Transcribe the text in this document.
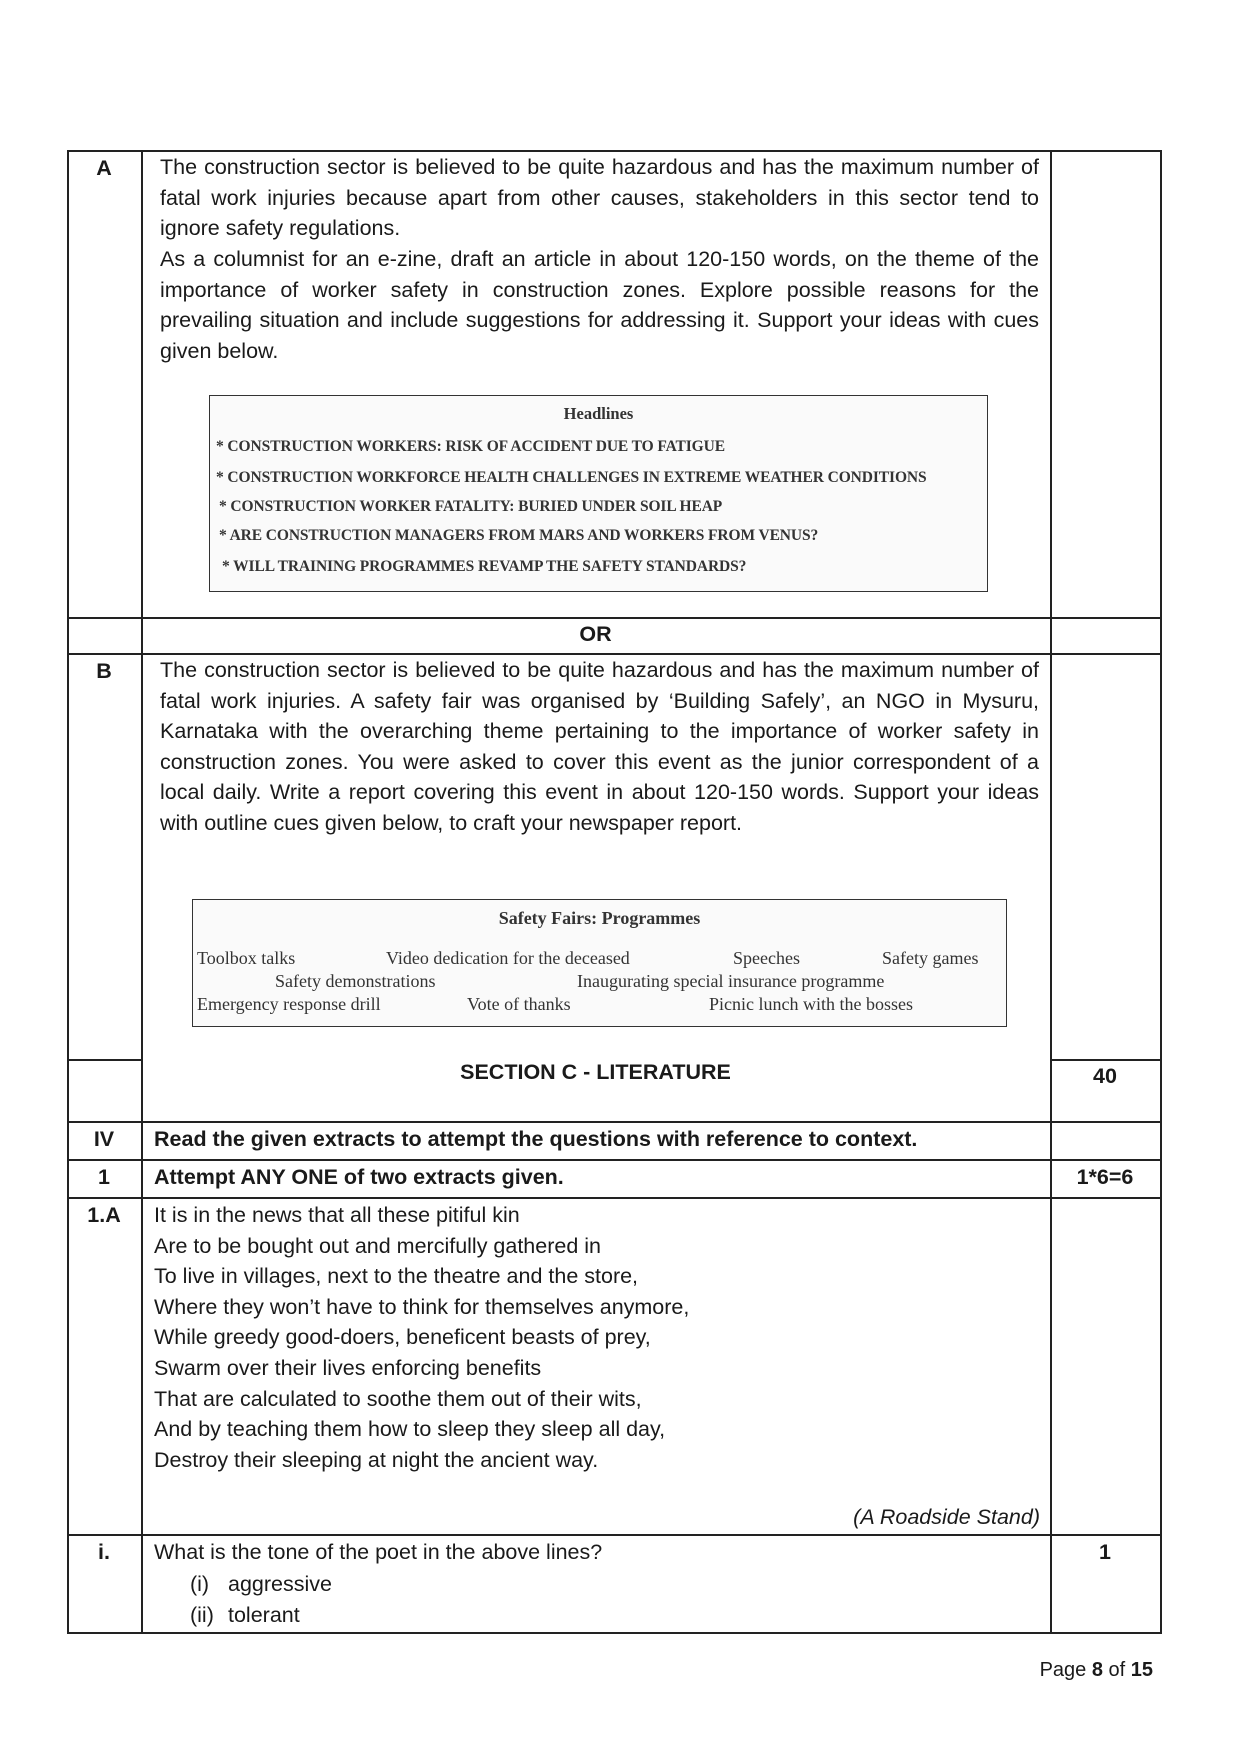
A	The construction sector is believed to be quite hazardous and has the maximum number of fatal work injuries because apart from other causes, stakeholders in this sector tend to ignore safety regulations.
As a columnist for an e-zine, draft an article in about 120-150 words, on the theme of the importance of worker safety in construction zones. Explore possible reasons for the prevailing situation and include suggestions for addressing it. Support your ideas with cues given below.
Headlines
* CONSTRUCTION WORKERS: RISK OF ACCIDENT DUE TO FATIGUE
* CONSTRUCTION WORKFORCE HEALTH CHALLENGES IN EXTREME WEATHER CONDITIONS
* CONSTRUCTION WORKER FATALITY: BURIED UNDER SOIL HEAP
* ARE CONSTRUCTION MANAGERS FROM MARS AND WORKERS FROM VENUS?
* WILL TRAINING PROGRAMMES REVAMP THE SAFETY STANDARDS?
OR
B	The construction sector is believed to be quite hazardous and has the maximum number of fatal work injuries. A safety fair was organised by ‘Building Safely’, an NGO in Mysuru, Karnataka with the overarching theme pertaining to the importance of worker safety in construction zones. You were asked to cover this event as the junior correspondent of a local daily. Write a report covering this event in about 120-150 words. Support your ideas with outline cues given below, to craft your newspaper report.
Safety Fairs: Programmes
Toolbox talks	Video dedication for the deceased	Speeches	Safety games
Safety demonstrations	Inaugurating special insurance programme
Emergency response drill	Vote of thanks	Picnic lunch with the bosses
SECTION C - LITERATURE	40
IV	Read the given extracts to attempt the questions with reference to context.
1	Attempt ANY ONE of two extracts given.	1*6=6
1.A	It is in the news that all these pitiful kin
Are to be bought out and mercifully gathered in
To live in villages, next to the theatre and the store,
Where they won’t have to think for themselves anymore,
While greedy good-doers, beneficent beasts of prey,
Swarm over their lives enforcing benefits
That are calculated to soothe them out of their wits,
And by teaching them how to sleep they sleep all day,
Destroy their sleeping at night the ancient way.
(A Roadside Stand)
i.	What is the tone of the poet in the above lines?	1
(i) aggressive
(ii) tolerant
Page 8 of 15
